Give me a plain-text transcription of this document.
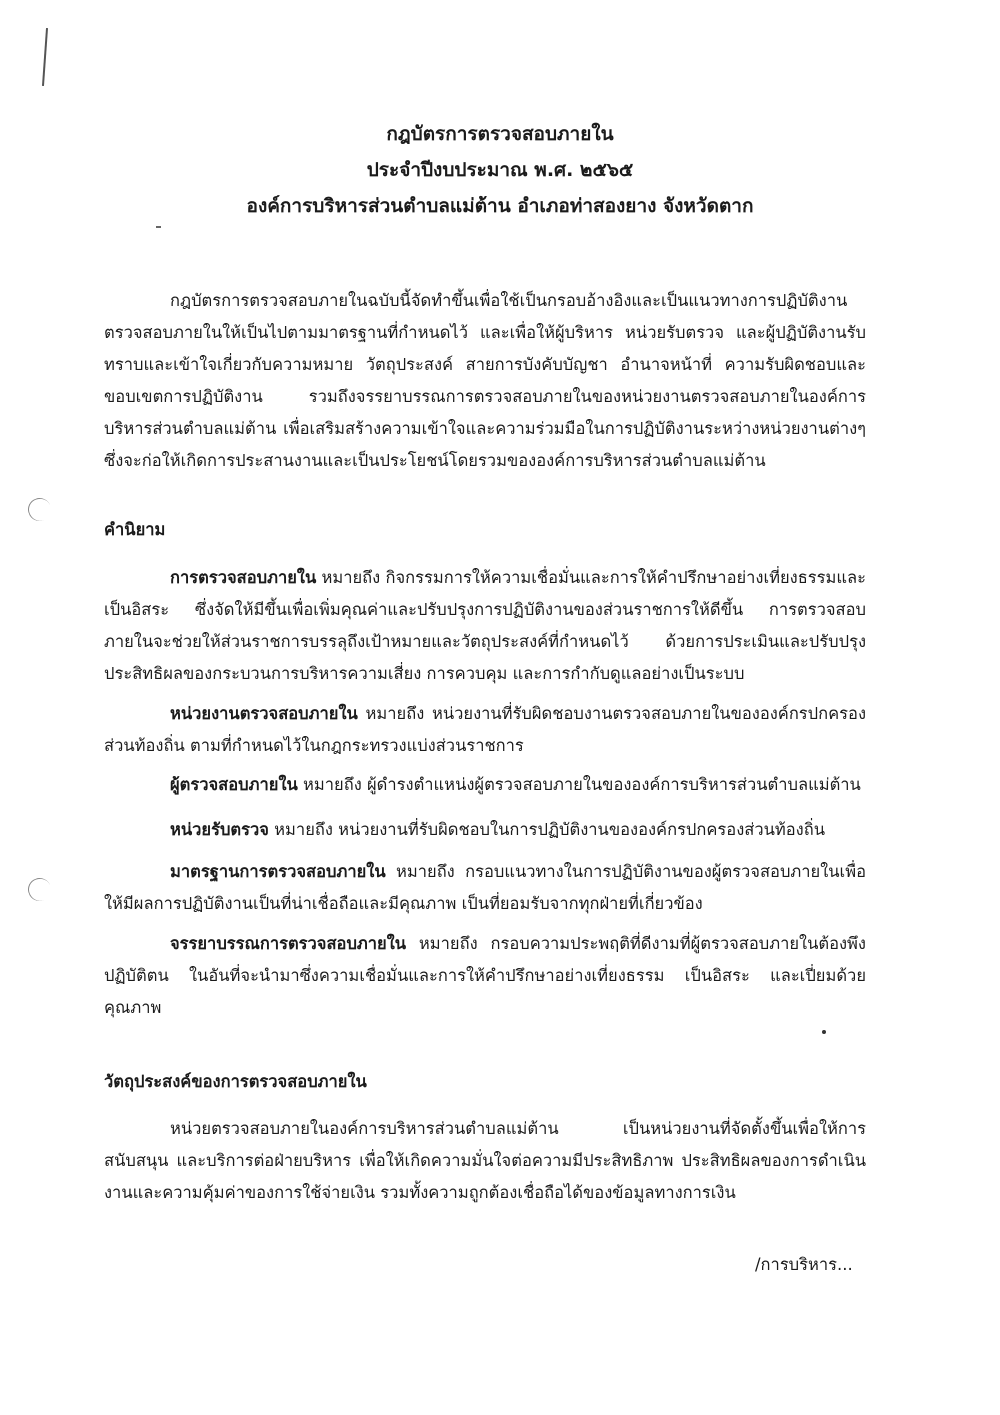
กฎบัตรการตรวจสอบภายใน
ประจำปีงบประมาณ พ.ศ. ๒๕๖๕
องค์การบริหารส่วนตำบลแม่ต้าน อำเภอท่าสองยาง จังหวัดตาก
กฎบัตรการตรวจสอบภายในฉบับนี้จัดทำขึ้นเพื่อใช้เป็นกรอบอ้างอิงและเป็นแนวทางการปฏิบัติงานตรวจสอบภายในให้เป็นไปตามมาตรฐานที่กำหนดไว้ และเพื่อให้ผู้บริหาร หน่วยรับตรวจ และผู้ปฏิบัติงานรับทราบและเข้าใจเกี่ยวกับความหมาย วัตถุประสงค์ สายการบังคับบัญชา อำนาจหน้าที่ ความรับผิดชอบและขอบเขตการปฏิบัติงาน รวมถึงจรรยาบรรณการตรวจสอบภายในของหน่วยงานตรวจสอบภายในองค์การบริหารส่วนตำบลแม่ต้าน เพื่อเสริมสร้างความเข้าใจและความร่วมมือในการปฏิบัติงานระหว่างหน่วยงานต่างๆ ซึ่งจะก่อให้เกิดการประสานงานและเป็นประโยชน์โดยรวมขององค์การบริหารส่วนตำบลแม่ต้าน
คำนิยาม
การตรวจสอบภายใน หมายถึง กิจกรรมการให้ความเชื่อมั่นและการให้คำปรึกษาอย่างเที่ยงธรรมและเป็นอิสระ ซึ่งจัดให้มีขึ้นเพื่อเพิ่มคุณค่าและปรับปรุงการปฏิบัติงานของส่วนราชการให้ดีขึ้น การตรวจสอบภายในจะช่วยให้ส่วนราชการบรรลุถึงเป้าหมายและวัตถุประสงค์ที่กำหนดไว้ ด้วยการประเมินและปรับปรุงประสิทธิผลของกระบวนการบริหารความเสี่ยง การควบคุม และการกำกับดูแลอย่างเป็นระบบ
หน่วยงานตรวจสอบภายใน หมายถึง หน่วยงานที่รับผิดชอบงานตรวจสอบภายในขององค์กรปกครองส่วนท้องถิ่น ตามที่กำหนดไว้ในกฎกระทรวงแบ่งส่วนราชการ
ผู้ตรวจสอบภายใน หมายถึง ผู้ดำรงตำแหน่งผู้ตรวจสอบภายในขององค์การบริหารส่วนตำบลแม่ต้าน
หน่วยรับตรวจ หมายถึง หน่วยงานที่รับผิดชอบในการปฏิบัติงานขององค์กรปกครองส่วนท้องถิ่น
มาตรฐานการตรวจสอบภายใน หมายถึง กรอบแนวทางในการปฏิบัติงานของผู้ตรวจสอบภายในเพื่อให้มีผลการปฏิบัติงานเป็นที่น่าเชื่อถือและมีคุณภาพ เป็นที่ยอมรับจากทุกฝ่ายที่เกี่ยวข้อง
จรรยาบรรณการตรวจสอบภายใน หมายถึง กรอบความประพฤติที่ดีงามที่ผู้ตรวจสอบภายในต้องพึงปฏิบัติตน ในอันที่จะนำมาซึ่งความเชื่อมั่นและการให้คำปรึกษาอย่างเที่ยงธรรม เป็นอิสระ และเปี่ยมด้วยคุณภาพ
วัตถุประสงค์ของการตรวจสอบภายใน
หน่วยตรวจสอบภายในองค์การบริหารส่วนตำบลแม่ต้าน เป็นหน่วยงานที่จัดตั้งขึ้นเพื่อให้การสนับสนุน และบริการต่อฝ่ายบริหาร เพื่อให้เกิดความมั่นใจต่อความมีประสิทธิภาพ ประสิทธิผลของการดำเนินงานและความคุ้มค่าของการใช้จ่ายเงิน รวมทั้งความถูกต้องเชื่อถือได้ของข้อมูลทางการเงิน
/การบริหาร...
